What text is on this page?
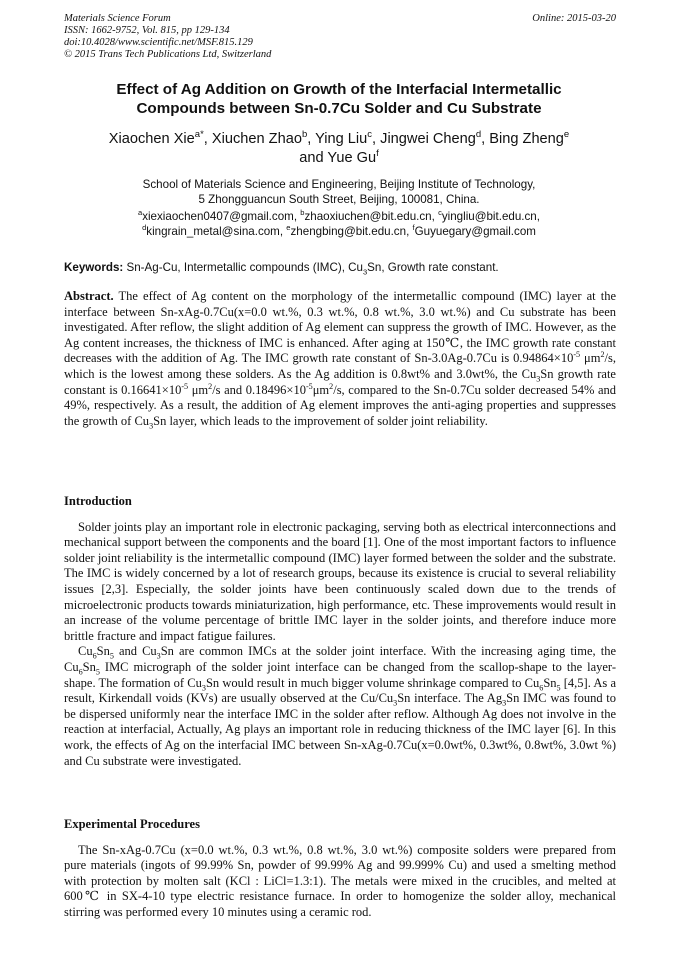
Materials Science Forum
ISSN: 1662-9752, Vol. 815, pp 129-134
doi:10.4028/www.scientific.net/MSF.815.129
© 2015 Trans Tech Publications Ltd, Switzerland
Online: 2015-03-20
Effect of Ag Addition on Growth of the Interfacial Intermetallic
Compounds between Sn-0.7Cu Solder and Cu Substrate
Xiaochen Xie$^{a*}$, Xiuchen Zhao$^b$, Ying Liu$^c$, Jingwei Cheng$^d$, Bing Zheng$^e$
and Yue Gu$^f$
School of Materials Science and Engineering, Beijing Institute of Technology,
5 Zhongguancun South Street, Beijing, 100081, China.
$^a$xiexiaochen0407@gmail.com, $^b$zhaoxiuchen@bit.edu.cn, $^c$yingliu@bit.edu.cn,
$^d$kingrain_metal@sina.com, $^e$zhengbing@bit.edu.cn, $^f$Guyuegary@gmail.com
Keywords: Sn-Ag-Cu, Intermetallic compounds (IMC), $Cu_3Sn$, Growth rate constant.

Abstract. The effect of Ag content on the morphology of the intermetallic compound (IMC) layer at the interface between Sn-xAg-0.7Cu(x=0.0 wt.%, 0.3 wt.%, 0.8 wt.%, 3.0 wt.%) and Cu substrate has been investigated. After reflow, the slight addition of Ag element can suppress the growth of IMC. However, as the Ag content increases, the thickness of IMC is enhanced. After aging at 150℃, the IMC growth rate constant decreases with the addition of Ag. The IMC growth rate constant of Sn-3.0Ag-0.7Cu is $0.94864\times 10^{-5}$ $\mu m^2/s$, which is the lowest among these solders. As the Ag addition is 0.8wt% and 3.0wt%, the $Cu_3Sn$ growth rate constant is $0.16641\times 10^{-5}$ $\mu m^2/s$ and $0.18496\times 10^{-5}\mu m^2/s$, compared to the Sn-0.7Cu solder decreased 54% and 49%, respectively. As a result, the addition of Ag element improves the anti-aging properties and suppresses the growth of $Cu_3Sn$ layer, which leads to the improvement of solder joint reliability.

Introduction

Solder joints play an important role in electronic packaging, serving both as electrical interconnections and mechanical support between the components and the board [1]. One of the most important factors to influence solder joint reliability is the intermetallic compound (IMC) layer formed between the solder and the substrate. The IMC is widely concerned by a lot of research groups, because its existence is crucial to several reliability issues [2,3]. Especially, the solder joints have been continuously scaled down due to the trends of microelectronic products towards miniaturization, high performance, etc. These improvements would result in an increase of the volume percentage of brittle IMC layer in the solder joints, and therefore induce more brittle fracture and impact fatigue failures.

$Cu_6Sn_5$ and $Cu_3Sn$ are common IMCs at the solder joint interface. With the increasing aging time, the $Cu_6Sn_5$ IMC micrograph of the solder joint interface can be changed from the scallop-shape to the layer-shape. The formation of $Cu_3Sn$ would result in much bigger volume shrinkage compared to $Cu_6Sn_5$ [4,5]. As a result, Kirkendall voids (KVs) are usually observed at the $Cu/Cu_3Sn$ interface. The $Ag_3Sn$ IMC was found to be dispersed uniformly near the interface IMC in the solder after reflow. Although Ag does not involve in the reaction at interfacial, Actually, Ag plays an important role in reducing thickness of the IMC layer [6]. In this work, the effects of Ag on the interfacial IMC between Sn-xAg-0.7Cu(x=0.0wt%, 0.3wt%, 0.8wt%, 3.0wt %) and Cu substrate were investigated.

Experimental Procedures

The Sn-xAg-0.7Cu (x=0.0 wt.%, 0.3 wt.%, 0.8 wt.%, 3.0 wt.%) composite solders were prepared from pure materials (ingots of 99.99% Sn, powder of 99.99% Ag and 99.999% Cu) and used a smelting method with protection by molten salt (KCl : LiCl=1.3:1). The metals were mixed in the crucibles, and melted at 600℃ in SX-4-10 type electric resistance furnace. In order to homogenize the solder alloy, mechanical stirring was performed every 10 minutes using a ceramic rod.
